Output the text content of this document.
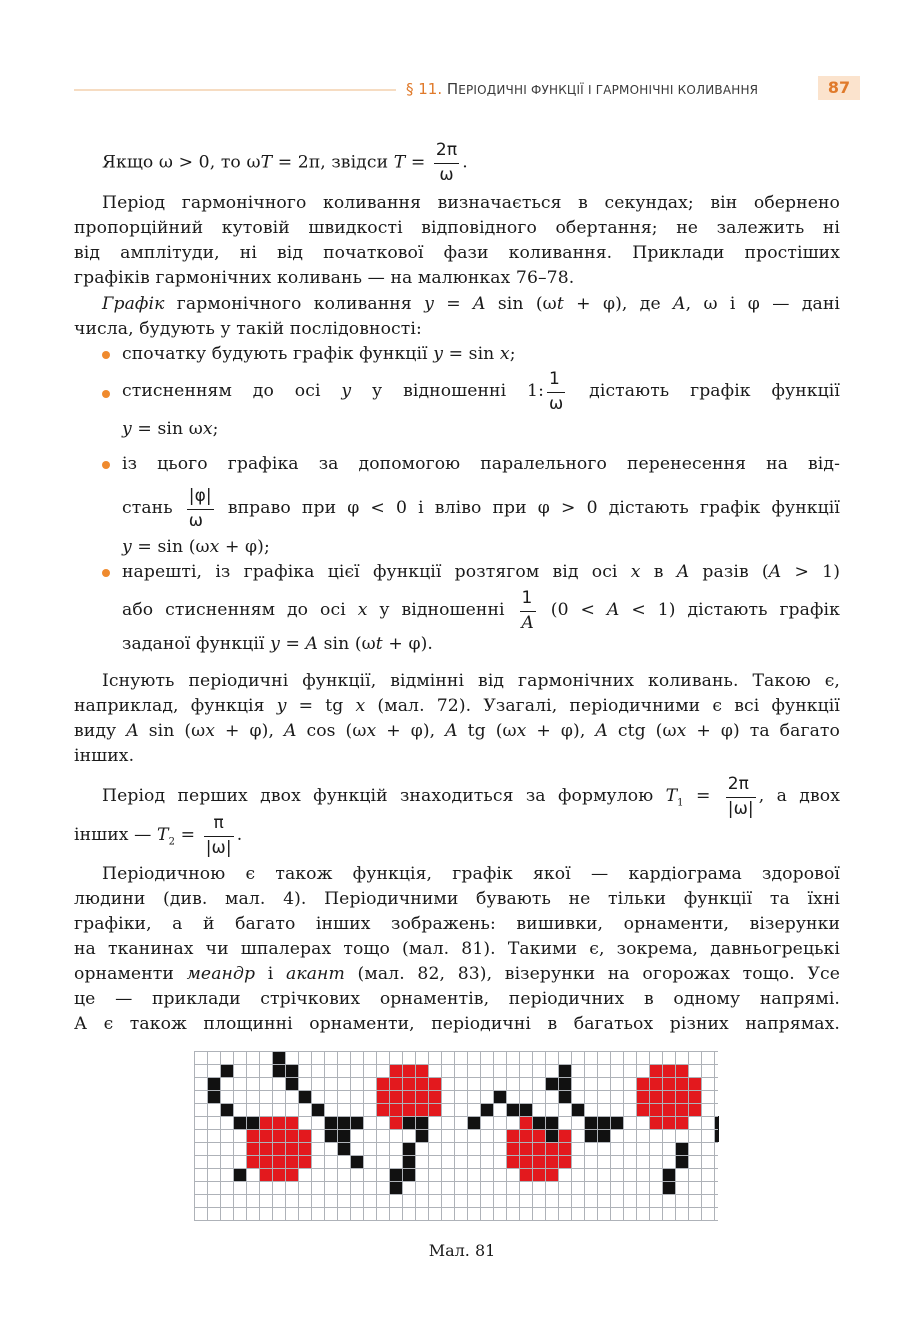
§ 11. ПЕРІОДИЧНІ ФУНКЦІЇ І ГАРМОНІЧНІ КОЛИВАННЯ	87
Якщо ω > 0, то ωT = 2π, звідси $T = \frac{2\pi}{\omega}$ .
Період гармонічного коливання визначається в секундах; він обернено
пропорційний кутовій швидкості відповідного обертання; не залежить ні
від амплітуди, ні від початкової фази коливання. Приклади простіших
графіків гармонічних коливань — на малюнках 76–78.
Графік гармонічного коливання y = A sin (ωt + φ), де A, ω і φ — дані
числа, будують у такій послідовності:
спочатку будують графік функції y = sin x;
стисненням до осі y у відношенні 1: $\frac{1}{\omega}$ дістають графік функції
y = sin ωx;
із цього графіка за допомогою паралельного перенесення на від-
стань $\frac{|\varphi|}{\omega}$ вправо при φ < 0 і вліво при φ > 0 дістають графік функції
y = sin (ωx + φ);
нарешті, із графіка цієї функції розтягом від осі x в A разів (A > 1)
або стисненням до осі x у відношенні $\frac{1}{A} (0 < A < 1)$ дістають графік
заданої функції y = A sin (ωt + φ).
Існують періодичні функції, відмінні від гармонічних коливань. Такою є,
наприклад, функція y = tg x (мал. 72). Узагалі, періодичними є всі функції
виду A sin (ωx + φ), A cos (ωx + φ), A tg (ωx + φ), A ctg (ωx + φ) та багато
інших.
Період перших двох функцій знаходиться за формулою $T_1 = \frac{2\pi}{|\omega|}$ , а двох
інших — $T_2 = \frac{\pi}{|\omega|}$ .
Періодичною є також функція, графік якої — кардіограма здорової
людини (див. мал. 4). Періодичними бувають не тільки функції та їхні
графіки, а й багато інших зображень: вишивки, орнаменти, візерунки
на тканинах чи шпалерах тощо (мал. 81). Такими є, зокрема, давньогрецькі
орнаменти меандр і акант (мал. 82, 83), візерунки на огорожах тощо. Усе
це — приклади стрічкових орнаментів, періодичних в одному напрямі.
А є також площинні орнаменти, періодичні в багатьох різних напрямах.
Мал. 81
